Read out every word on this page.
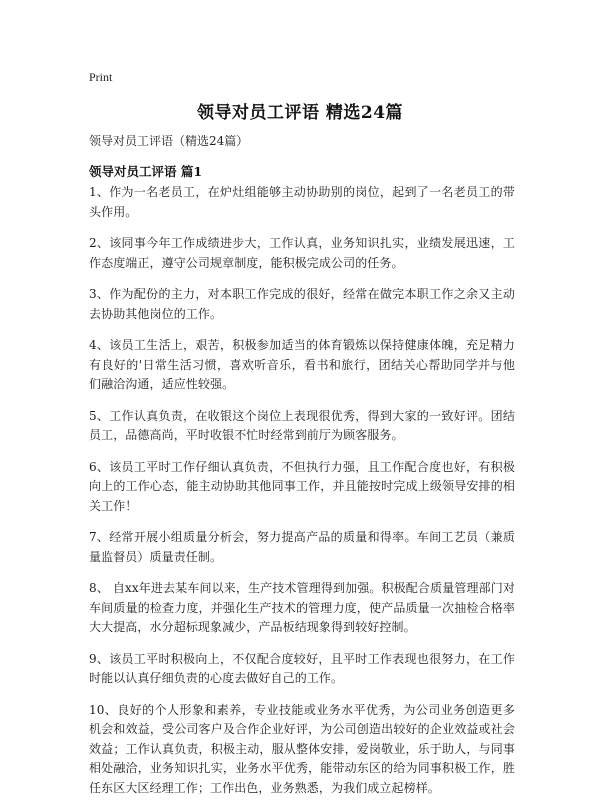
Print
领导对员工评语 精选24篇
领导对员工评语（精选24篇）
领导对员工评语 篇1

1、作为一名老员工，在炉灶组能够主动协助别的岗位，起到了一名老员工的带头作用。

2、该同事今年工作成绩进步大，工作认真，业务知识扎实，业绩发展迅速，工作态度端正，遵守公司规章制度，能积极完成公司的任务。

3、作为配份的主力，对本职工作完成的很好，经常在做完本职工作之余又主动去协助其他岗位的工作。

4、该员工生活上，艰苦，积极参加适当的体育锻炼以保持健康体魄，充足精力有良好的'日常生活习惯，喜欢听音乐，看书和旅行，团结关心帮助同学并与他们融洽沟通，适应性较强。

5、工作认真负责，在收银这个岗位上表现很优秀，得到大家的一致好评。团结员工，品德高尚，平时收银不忙时经常到前厅为顾客服务。

6、该员工平时工作仔细认真负责，不但执行力强，且工作配合度也好，有积极向上的工作心态，能主动协助其他同事工作，并且能按时完成上级领导安排的相关工作！

7、经常开展小组质量分析会，努力提高产品的质量和得率。车间工艺员（兼质量监督员）质量责任制。

8、 自xx年进去某车间以来，生产技术管理得到加强。积极配合质量管理部门对车间质量的检查力度，并强化生产技术的管理力度，使产品质量一次抽检合格率大大提高，水分超标现象减少，产品板结现象得到较好控制。

9、该员工平时积极向上，不仅配合度较好，且平时工作表现也很努力，在工作时能以认真仔细负责的心度去做好自己的工作。

10、良好的个人形象和素养，专业技能或业务水平优秀，为公司业务创造更多机会和效益，受公司客户及合作企业好评，为公司创造出较好的企业效益或社会效益；工作认真负责，积极主动，服从整体安排，爱岗敬业，乐于助人，与同事相处融洽，业务知识扎实，业务水平优秀，能带动东区的给为同事积极工作，胜任东区大区经理工作；工作出色，业务熟悉，为我们成立起榜样。
